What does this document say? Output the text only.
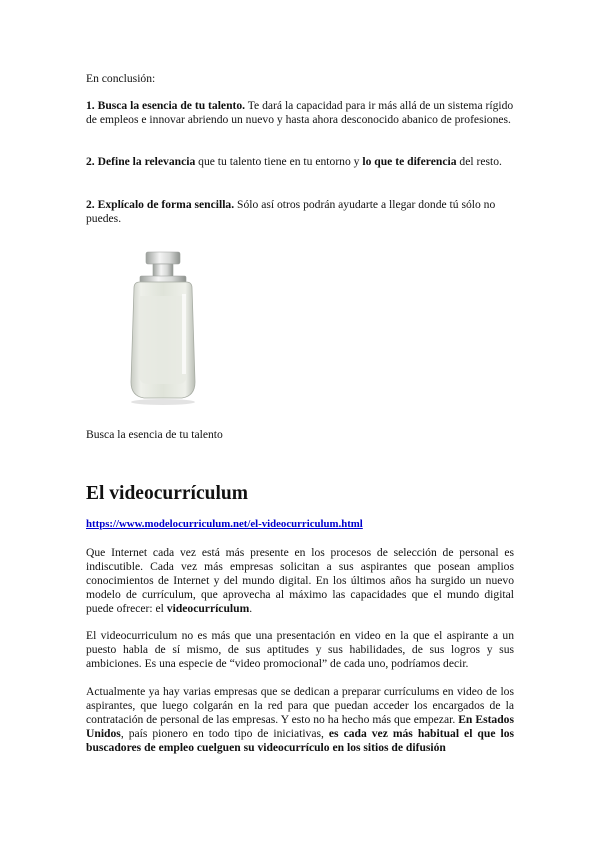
En conclusión:
1. Busca la esencia de tu talento. Te dará la capacidad para ir más allá de un sistema rígido de empleos e innovar abriendo un nuevo y hasta ahora desconocido abanico de profesiones.
2. Define la relevancia que tu talento tiene en tu entorno y lo que te diferencia del resto.
2. Explícalo de forma sencilla. Sólo así otros podrán ayudarte a llegar donde tú sólo no puedes.
Busca la esencia de tu talento
El videocurrículum
https://www.modelocurriculum.net/el-videocurriculum.html
Que Internet cada vez está más presente en los procesos de selección de personal es indiscutible. Cada vez más empresas solicitan a sus aspirantes que posean amplios conocimientos de Internet y del mundo digital. En los últimos años ha surgido un nuevo modelo de currículum, que aprovecha al máximo las capacidades que el mundo digital puede ofrecer: el videocurrículum.
El videocurriculum no es más que una presentación en video en la que el aspirante a un puesto habla de sí mismo, de sus aptitudes y sus habilidades, de sus logros y sus ambiciones. Es una especie de “video promocional” de cada uno, podríamos decir.
Actualmente ya hay varias empresas que se dedican a preparar currículums en video de los aspirantes, que luego colgarán en la red para que puedan acceder los encargados de la contratación de personal de las empresas. Y esto no ha hecho más que empezar. En Estados Unidos, país pionero en todo tipo de iniciativas, es cada vez más habitual el que los buscadores de empleo cuelguen su videocurrículo en los sitios de difusión
